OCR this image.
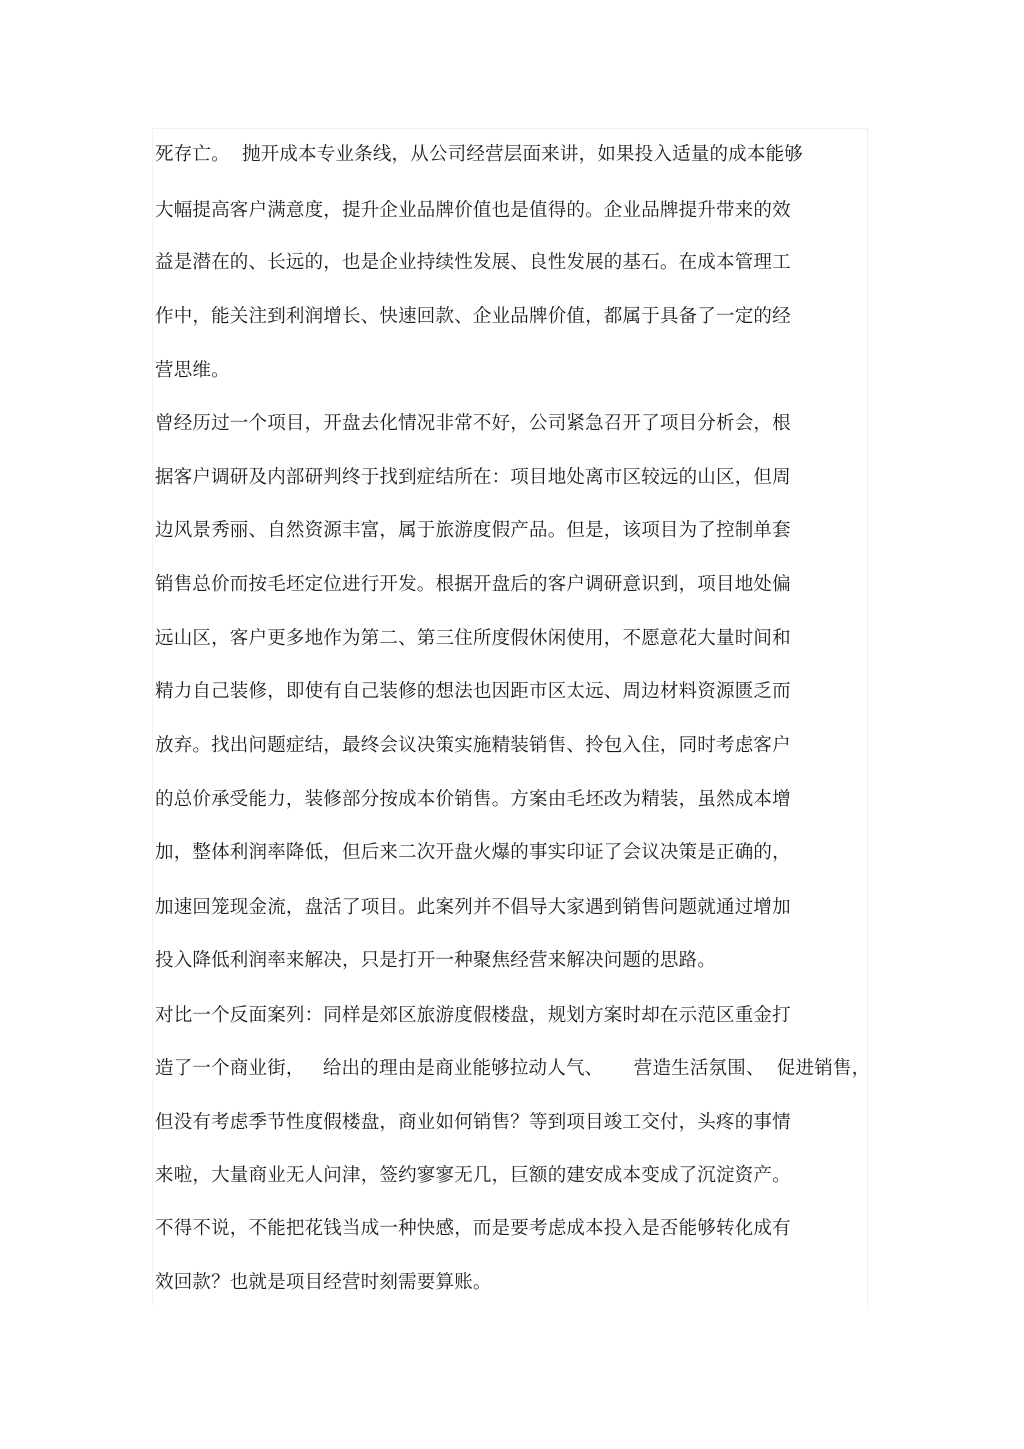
死存亡。  抛开成本专业条线，从公司经营层面来讲，如果投入适量的成本能够
大幅提高客户满意度，提升企业品牌价值也是值得的。企业品牌提升带来的效
益是潜在的、长远的，也是企业持续性发展、良性发展的基石。在成本管理工
作中，能关注到利润增长、快速回款、企业品牌价值，都属于具备了一定的经
营思维。
曾经历过一个项目，开盘去化情况非常不好，公司紧急召开了项目分析会，根
据客户调研及内部研判终于找到症结所在：项目地处离市区较远的山区，但周
边风景秀丽、自然资源丰富，属于旅游度假产品。但是，该项目为了控制单套
销售总价而按毛坯定位进行开发。根据开盘后的客户调研意识到，项目地处偏
远山区，客户更多地作为第二、第三住所度假休闲使用，不愿意花大量时间和
精力自己装修，即使有自己装修的想法也因距市区太远、周边材料资源匮乏而
放弃。找出问题症结，最终会议决策实施精装销售、拎包入住，同时考虑客户
的总价承受能力，装修部分按成本价销售。方案由毛坯改为精装，虽然成本增
加，整体利润率降低，但后来二次开盘火爆的事实印证了会议决策是正确的，
加速回笼现金流，盘活了项目。此案列并不倡导大家遇到销售问题就通过增加
投入降低利润率来解决，只是打开一种聚焦经营来解决问题的思路。
对比一个反面案列：同样是郊区旅游度假楼盘，规划方案时却在示范区重金打
造了一个商业街，   给出的理由是商业能够拉动人气、     营造生活氛围、  促进销售，
但没有考虑季节性度假楼盘，商业如何销售？等到项目竣工交付，头疼的事情
来啦，大量商业无人问津，签约寥寥无几，巨额的建安成本变成了沉淀资产。
不得不说，不能把花钱当成一种快感，而是要考虑成本投入是否能够转化成有
效回款？也就是项目经营时刻需要算账。
